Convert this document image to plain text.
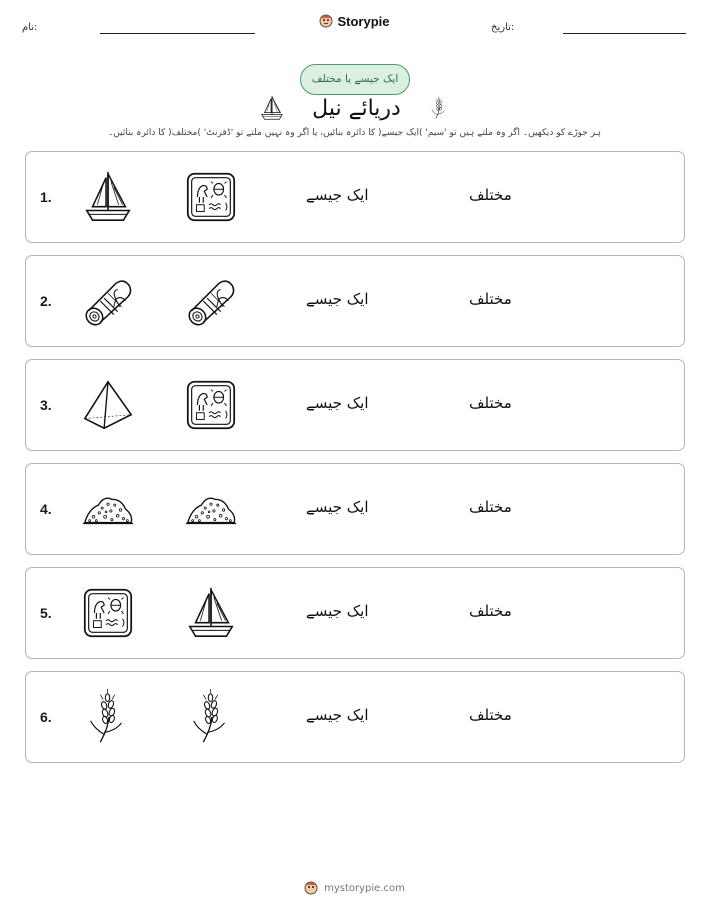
نام:	Storypie	تاریخ:
ایک جیسے یا مختلف
دریائے نیل
ہر جوڑے کو دیکھیں۔ اگر وہ ملتے ہیں تو 'سیم' )ایک جیسے( کا دائرہ بنائیں، یا اگر وہ نہیں ملتے تو 'ڈفرنٹ' )مختلف( کا دائرہ بنائیں۔
1.	ایک جیسے	مختلف
2.	ایک جیسے	مختلف
3.	ایک جیسے	مختلف
4.	ایک جیسے	مختلف
5.	ایک جیسے	مختلف
6.	ایک جیسے	مختلف
mystorypie.com
